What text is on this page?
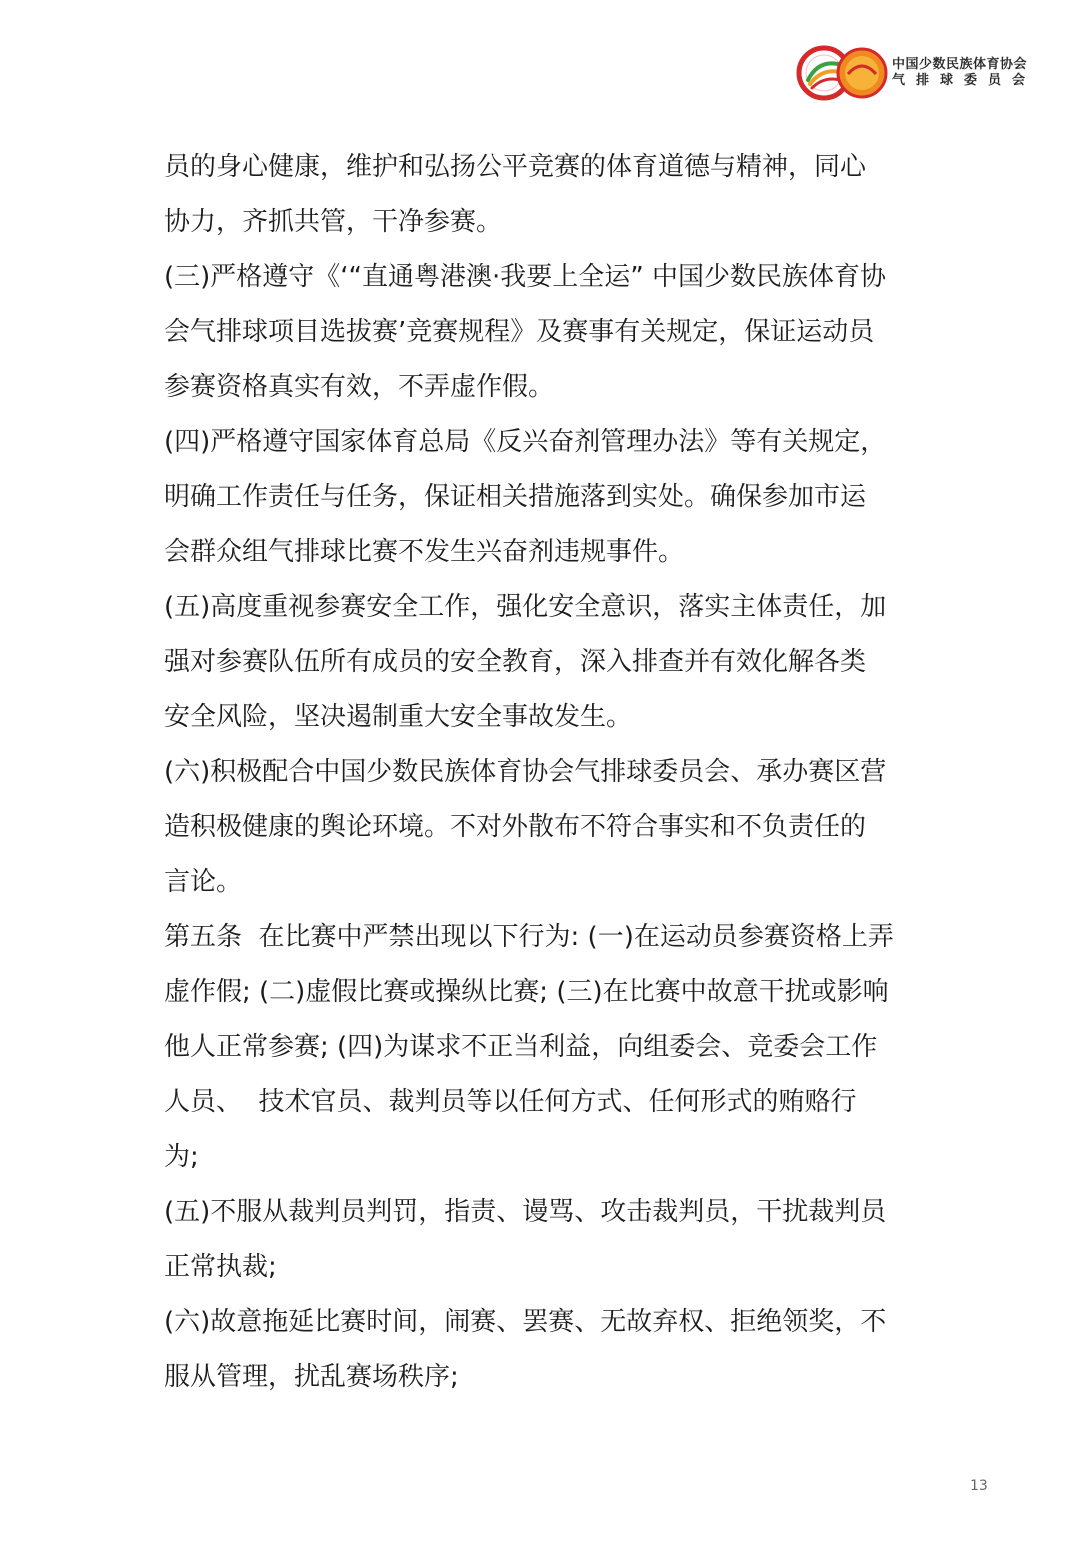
中国少数民族体育协会
气排球委员会
员的身心健康，维护和弘扬公平竞赛的体育道德与精神，同心
协力，齐抓共管，干净参赛。
(三)严格遵守《‘“直通粤港澳·我要上全运” 中国少数民族体育协
会气排球项目选拔赛’竞赛规程》及赛事有关规定，保证运动员
参赛资格真实有效，不弄虚作假。
(四)严格遵守国家体育总局《反兴奋剂管理办法》等有关规定，
明确工作责任与任务，保证相关措施落到实处。确保参加市运
会群众组气排球比赛不发生兴奋剂违规事件。
(五)高度重视参赛安全工作，强化安全意识，落实主体责任，加
强对参赛队伍所有成员的安全教育，深入排查并有效化解各类
安全风险，坚决遏制重大安全事故发生。
(六)积极配合中国少数民族体育协会气排球委员会、承办赛区营
造积极健康的舆论环境。不对外散布不符合事实和不负责任的
言论。
第五条  在比赛中严禁出现以下行为: (一)在运动员参赛资格上弄
虚作假; (二)虚假比赛或操纵比赛; (三)在比赛中故意干扰或影响
他人正常参赛; (四)为谋求不正当利益，向组委会、竞委会工作
人员、  技术官员、裁判员等以任何方式、任何形式的贿赂行
为;
(五)不服从裁判员判罚，指责、谩骂、攻击裁判员，干扰裁判员
正常执裁;
(六)故意拖延比赛时间，闹赛、罢赛、无故弃权、拒绝领奖，不
服从管理，扰乱赛场秩序;
13
